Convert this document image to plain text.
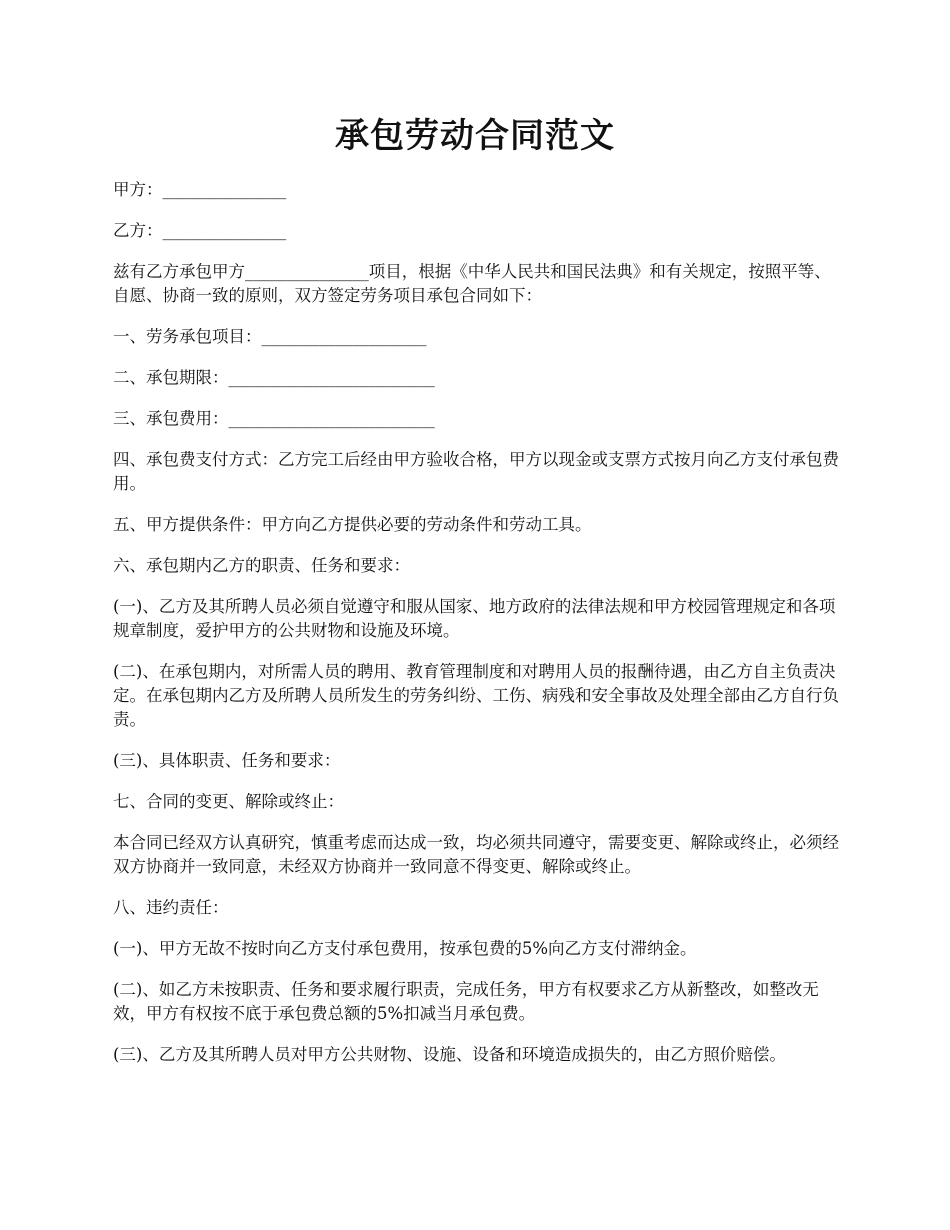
承包劳动合同范文

甲方：_______________

乙方：_______________

兹有乙方承包甲方_______________项目，根据《中华人民共和国民法典》和有关规定，按照平等、自愿、协商一致的原则，双方签定劳务项目承包合同如下：

一、劳务承包项目：____________________

二、承包期限：_________________________

三、承包费用：_________________________

四、承包费支付方式：乙方完工后经由甲方验收合格，甲方以现金或支票方式按月向乙方支付承包费用。

五、甲方提供条件：甲方向乙方提供必要的劳动条件和劳动工具。

六、承包期内乙方的职责、任务和要求：

(一)、乙方及其所聘人员必须自觉遵守和服从国家、地方政府的法律法规和甲方校园管理规定和各项规章制度，爱护甲方的公共财物和设施及环境。

(二)、在承包期内，对所需人员的聘用、教育管理制度和对聘用人员的报酬待遇，由乙方自主负责决定。在承包期内乙方及所聘人员所发生的劳务纠纷、工伤、病残和安全事故及处理全部由乙方自行负责。

(三)、具体职责、任务和要求：

七、合同的变更、解除或终止：

本合同已经双方认真研究，慎重考虑而达成一致，均必须共同遵守，需要变更、解除或终止，必须经双方协商并一致同意，未经双方协商并一致同意不得变更、解除或终止。

八、违约责任：

(一)、甲方无故不按时向乙方支付承包费用，按承包费的5%向乙方支付滞纳金。

(二)、如乙方未按职责、任务和要求履行职责，完成任务，甲方有权要求乙方从新整改，如整改无效，甲方有权按不底于承包费总额的5%扣减当月承包费。

(三)、乙方及其所聘人员对甲方公共财物、设施、设备和环境造成损失的，由乙方照价赔偿。
